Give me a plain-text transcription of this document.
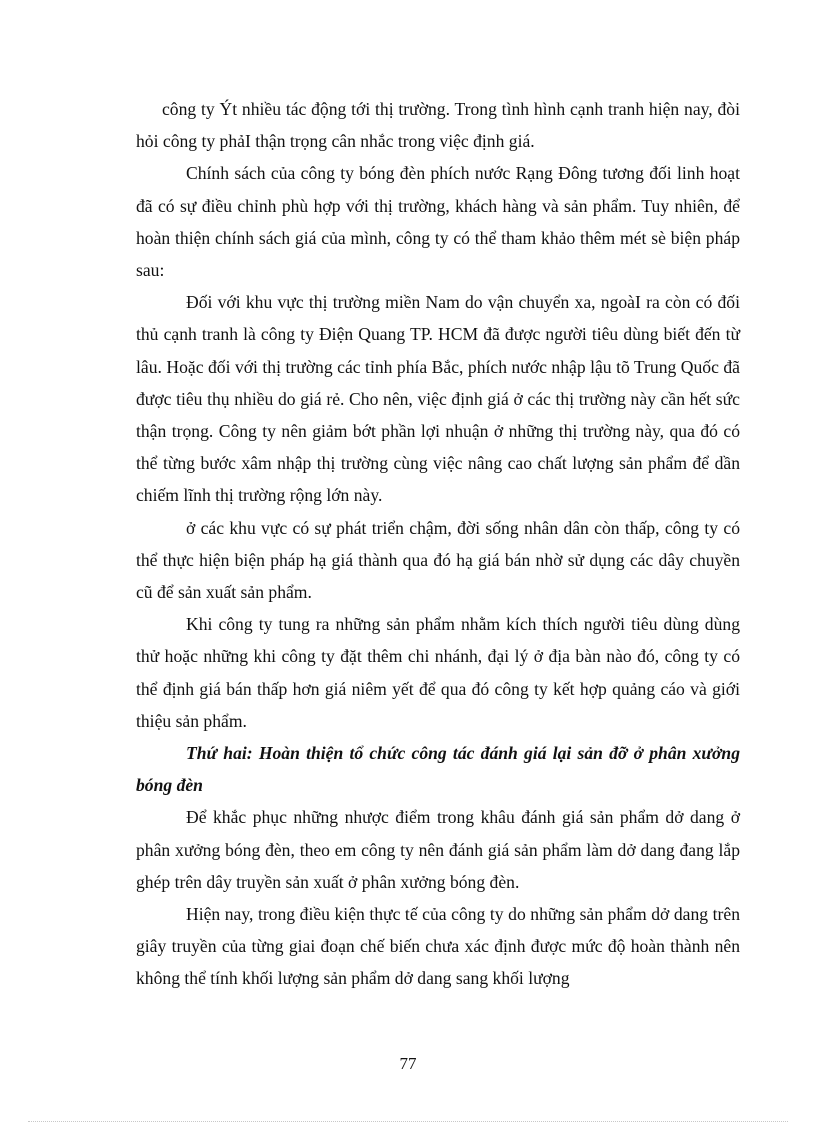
công ty Ýt nhiều tác động tới thị trường. Trong tình hình cạnh tranh hiện nay, đòi hỏi công ty phảI thận trọng cân nhắc trong việc định giá.

Chính sách của công ty bóng đèn phích nước Rạng Đông tương đối linh hoạt đã có sự điều chỉnh phù hợp với thị trường, khách hàng và sản phẩm. Tuy nhiên, để hoàn thiện chính sách giá của mình, công ty có thể tham khảo thêm mét sè biện pháp sau:

Đối với khu vực thị trường miền Nam do vận chuyển xa, ngoàI ra còn có đối thủ cạnh tranh là công ty Điện Quang TP. HCM đã được người tiêu dùng biết đến từ lâu. Hoặc đối với thị trường các tỉnh phía Bắc, phích nước nhập lậu tõ Trung Quốc đã được tiêu thụ nhiều do giá rẻ. Cho nên, việc định giá ở các thị trường này cần hết sức thận trọng. Công ty nên giảm bớt phần lợi nhuận ở những thị trường này, qua đó có thể từng bước xâm nhập thị trường cùng việc nâng cao chất lượng sản phẩm để dần chiếm lĩnh thị trường rộng lớn này.

ở các khu vực có sự phát triển chậm, đời sống nhân dân còn thấp, công ty có thể thực hiện biện pháp hạ giá thành qua đó hạ giá bán nhờ sử dụng các dây chuyền cũ để sản xuất sản phẩm.

Khi công ty tung ra những sản phẩm nhằm kích thích người tiêu dùng dùng thử hoặc những khi công ty đặt thêm chi nhánh, đại lý ở địa bàn nào đó, công ty có thể định giá bán thấp hơn giá niêm yết để qua đó công ty kết hợp quảng cáo và giới thiệu sản phẩm.

Thứ hai: Hoàn thiện tổ chức công tác đánh giá lại sản đỡ ở phân xưởng bóng đèn

Để khắc phục những nhược điểm trong khâu đánh giá sản phẩm dở dang ở phân xưởng bóng đèn, theo em công ty nên đánh giá sản phẩm làm dở dang đang lắp ghép trên dây truyền sản xuất ở phân xưởng bóng đèn.

Hiện nay, trong điều kiện thực tế của công ty do những sản phẩm dở dang trên giây truyền của từng giai đoạn chế biến chưa xác định được mức độ hoàn thành nên không thể tính khối lượng sản phẩm dở dang sang khối lượng

77
